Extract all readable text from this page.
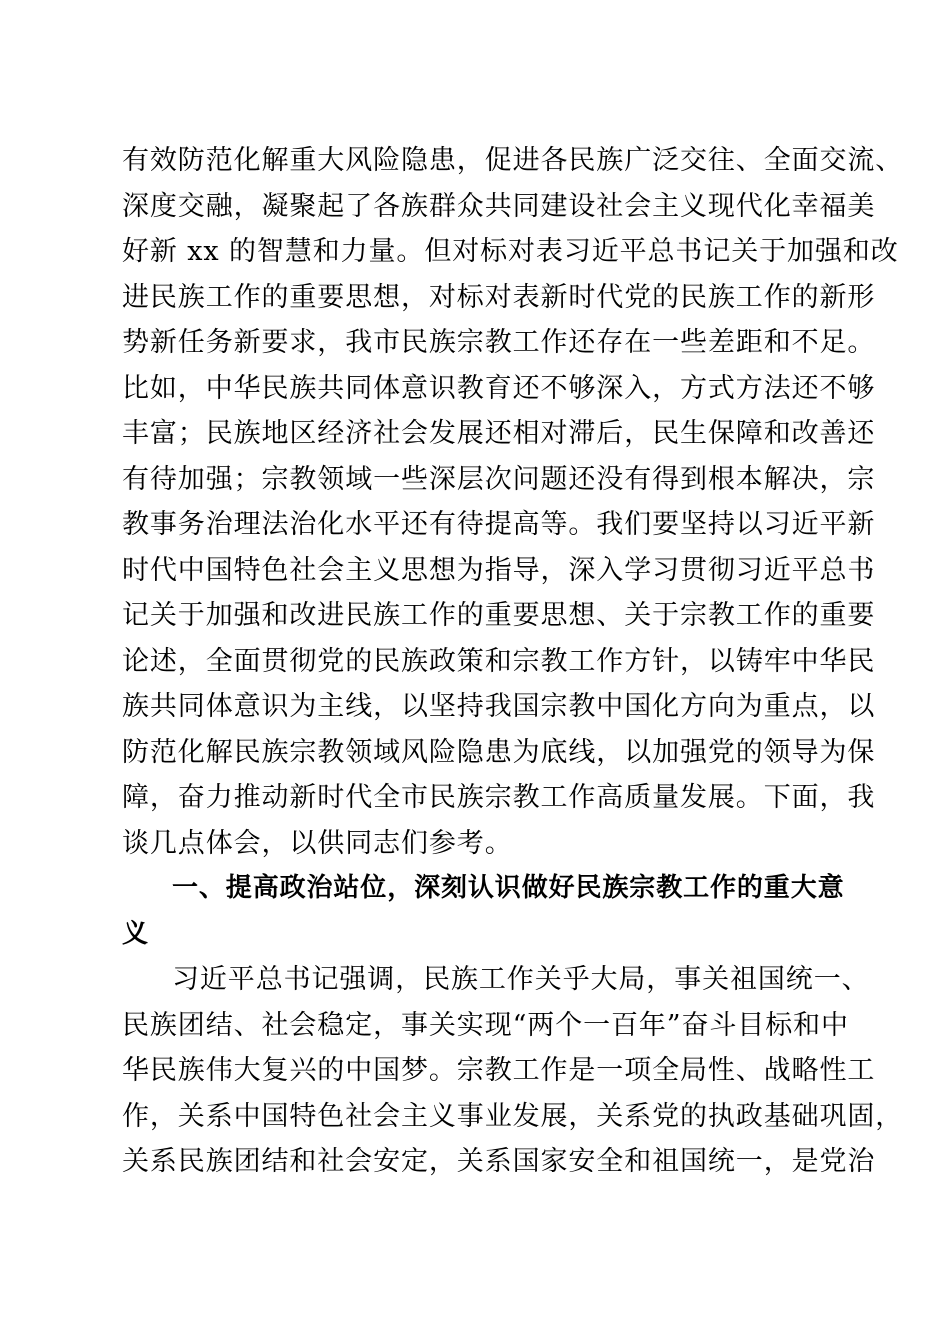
有效防范化解重大风险隐患，促进各民族广泛交往、全面交流、
深度交融，凝聚起了各族群众共同建设社会主义现代化幸福美
好新 xx 的智慧和力量。但对标对表习近平总书记关于加强和改
进民族工作的重要思想，对标对表新时代党的民族工作的新形
势新任务新要求，我市民族宗教工作还存在一些差距和不足。
比如，中华民族共同体意识教育还不够深入，方式方法还不够
丰富；民族地区经济社会发展还相对滞后，民生保障和改善还
有待加强；宗教领域一些深层次问题还没有得到根本解决，宗
教事务治理法治化水平还有待提高等。我们要坚持以习近平新
时代中国特色社会主义思想为指导，深入学习贯彻习近平总书
记关于加强和改进民族工作的重要思想、关于宗教工作的重要
论述，全面贯彻党的民族政策和宗教工作方针，以铸牢中华民
族共同体意识为主线，以坚持我国宗教中国化方向为重点，以
防范化解民族宗教领域风险隐患为底线，以加强党的领导为保
障，奋力推动新时代全市民族宗教工作高质量发展。下面，我
谈几点体会，以供同志们参考。
一、提高政治站位，深刻认识做好民族宗教工作的重大意
义
习近平总书记强调，民族工作关乎大局，事关祖国统一、
民族团结、社会稳定，事关实现“两个一百年”奋斗目标和中
华民族伟大复兴的中国梦。宗教工作是一项全局性、战略性工
作，关系中国特色社会主义事业发展，关系党的执政基础巩固，
关系民族团结和社会安定，关系国家安全和祖国统一，是党治
